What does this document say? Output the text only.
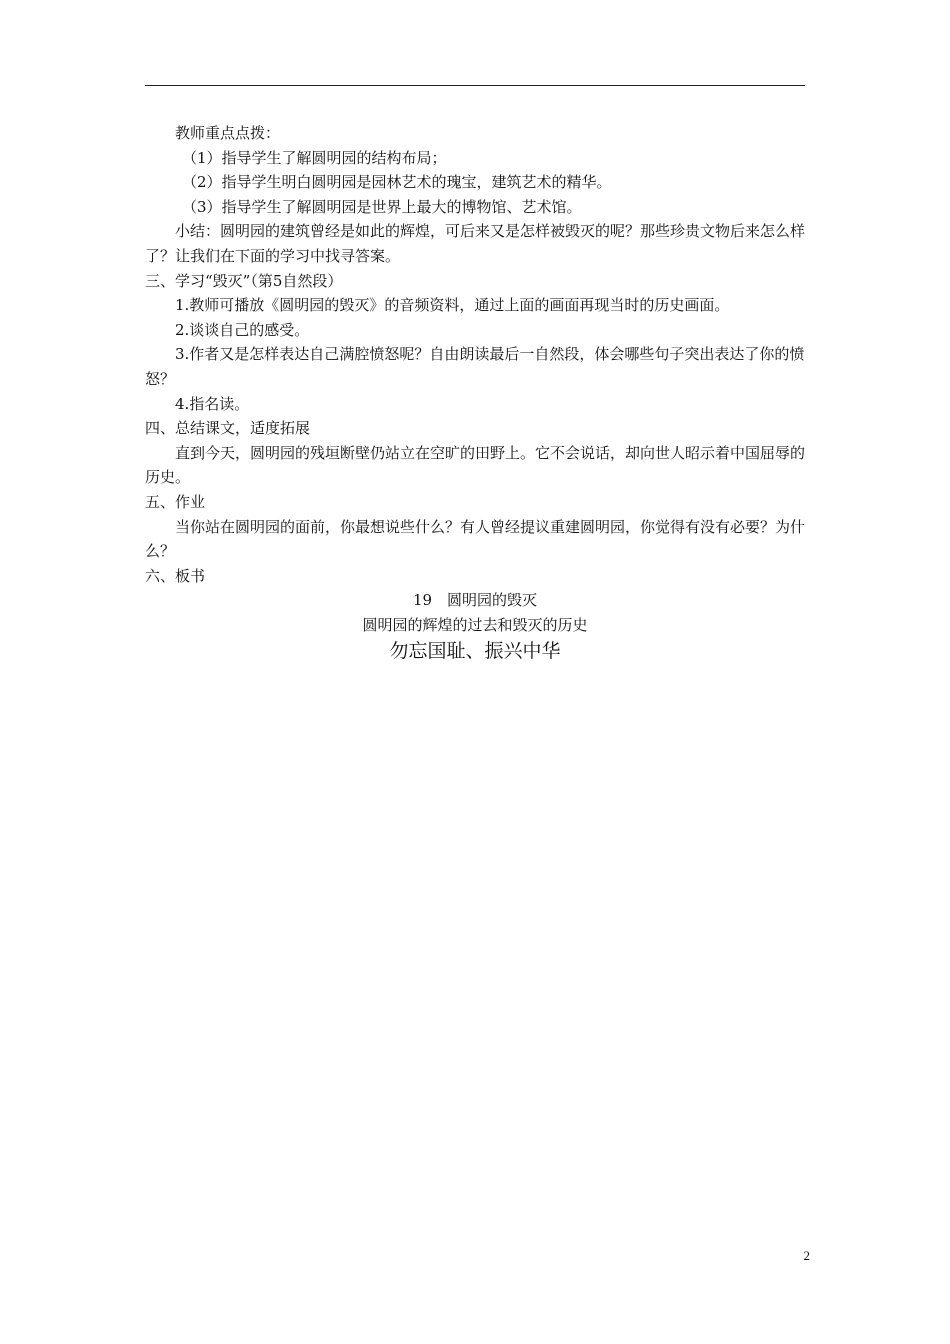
教师重点点拨：

（1）指导学生了解圆明园的结构布局；

（2）指导学生明白圆明园是园林艺术的瑰宝，建筑艺术的精华。

（3）指导学生了解圆明园是世界上最大的博物馆、艺术馆。

小结：圆明园的建筑曾经是如此的辉煌，可后来又是怎样被毁灭的呢？那些珍贵文物后来怎么样了？让我们在下面的学习中找寻答案。

三、学习“毁灭”（第5自然段）

1.教师可播放《圆明园的毁灭》的音频资料，通过上面的画面再现当时的历史画面。

2.谈谈自己的感受。

3.作者又是怎样表达自己满腔愤怒呢？自由朗读最后一自然段，体会哪些句子突出表达了你的愤怒？

4.指名读。

四、总结课文，适度拓展

直到今天，圆明园的残垣断壁仍站立在空旷的田野上。它不会说话，却向世人昭示着中国屈辱的历史。

五、作业

当你站在圆明园的面前，你最想说些什么？有人曾经提议重建圆明园，你觉得有没有必要？为什么？

六、板书

19　圆明园的毁灭

圆明园的辉煌的过去和毁灭的历史

勿忘国耻、振兴中华

2
